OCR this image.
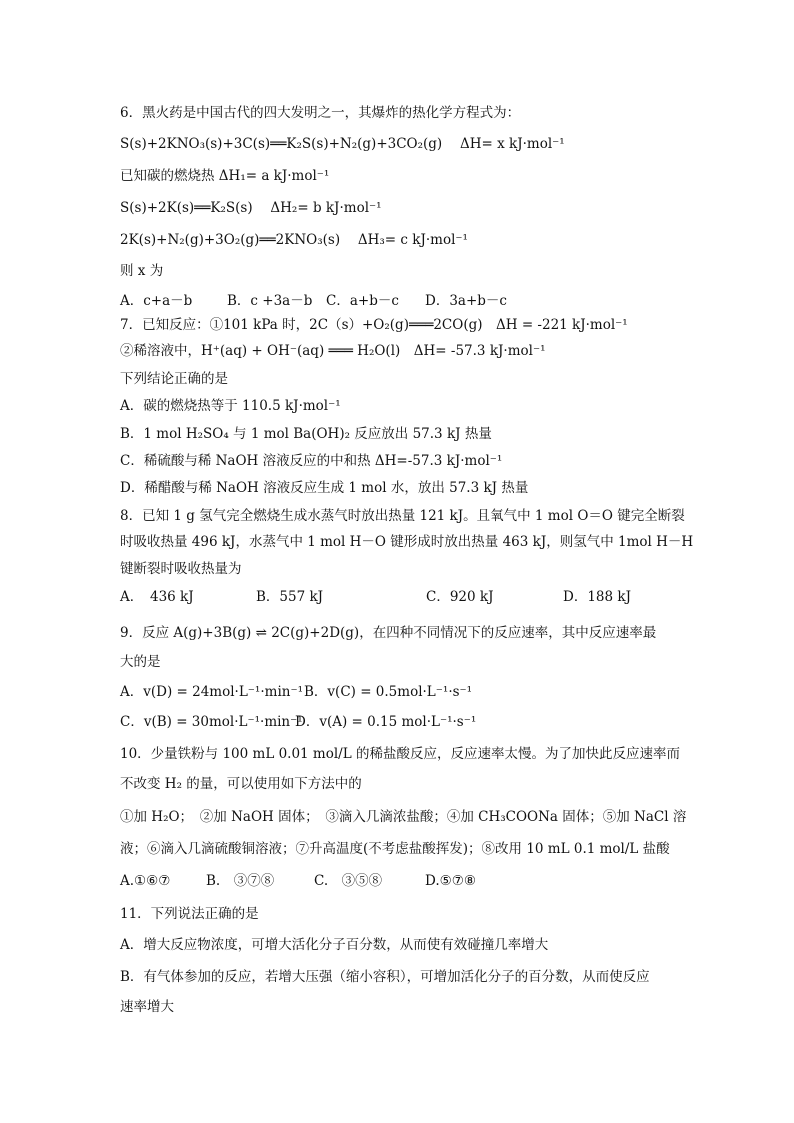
6．黑火药是中国古代的四大发明之一，其爆炸的热化学方程式为：
S(s)+2KNO₃(s)+3C(s)══K₂S(s)+N₂(g)+3CO₂(g)　 ΔH= x kJ·mol⁻¹
已知碳的燃烧热 ΔH₁= a kJ·mol⁻¹
S(s)+2K(s)══K₂S(s)　 ΔH₂= b kJ·mol⁻¹
2K(s)+N₂(g)+3O₂(g)══2KNO₃(s)　 ΔH₃= c kJ·mol⁻¹
则 x 为
A．c+a－b	B．c +3a－b C．a+b－c D．3a+b－c
7．已知反应：①101 kPa 时，2C（s）+O₂(g)═══2CO(g)　ΔH = -221 kJ·mol⁻¹
②稀溶液中，H⁺(aq) + OH⁻(aq) ═══ H₂O(l)　ΔH= -57.3 kJ·mol⁻¹
下列结论正确的是
A．碳的燃烧热等于 110.5 kJ·mol⁻¹
B．1 mol H₂SO₄ 与 1 mol Ba(OH)₂ 反应放出 57.3 kJ 热量
C．稀硫酸与稀 NaOH 溶液反应的中和热 ΔH=-57.3 kJ·mol⁻¹
D．稀醋酸与稀 NaOH 溶液反应生成 1 mol 水，放出 57.3 kJ 热量
8．已知 1 g 氢气完全燃烧生成水蒸气时放出热量 121 kJ。且氧气中 1 mol O＝O 键完全断裂
时吸收热量 496 kJ，水蒸气中 1 mol H－O 键形成时放出热量 463 kJ，则氢气中 1mol H－H
键断裂时吸收热量为
A．　436 kJ	B．557 kJ	C．920 kJ	D．188 kJ
9．反应 A(g)+3B(g) ⇌ 2C(g)+2D(g)，在四种不同情况下的反应速率，其中反应速率最
大的是
A．v(D) = 24mol·L⁻¹·min⁻¹ B．v(C) = 0.5mol·L⁻¹·s⁻¹
C．v(B) = 30mol·L⁻¹·min⁻¹
D．v(A) = 0.15 mol·L⁻¹·s⁻¹
10．少量铁粉与 100 mL 0.01 mol/L 的稀盐酸反应，反应速率太慢。为了加快此反应速率而
不改变 H₂ 的量，可以使用如下方法中的
①加 H₂O；　②加 NaOH 固体；　③滴入几滴浓盐酸；④加 CH₃COONa 固体；⑤加 NaCl 溶
液；⑥滴入几滴硫酸铜溶液；⑦升高温度(不考虑盐酸挥发)；⑧改用 10 mL 0.1 mol/L 盐酸
A.①⑥⑦	B.　③⑦⑧	C.　③⑤⑧	D.⑤⑦⑧
11．下列说法正确的是
A．增大反应物浓度，可增大活化分子百分数，从而使有效碰撞几率增大
B．有气体参加的反应，若增大压强（缩小容积），可增加活化分子的百分数，从而使反应
速率增大
